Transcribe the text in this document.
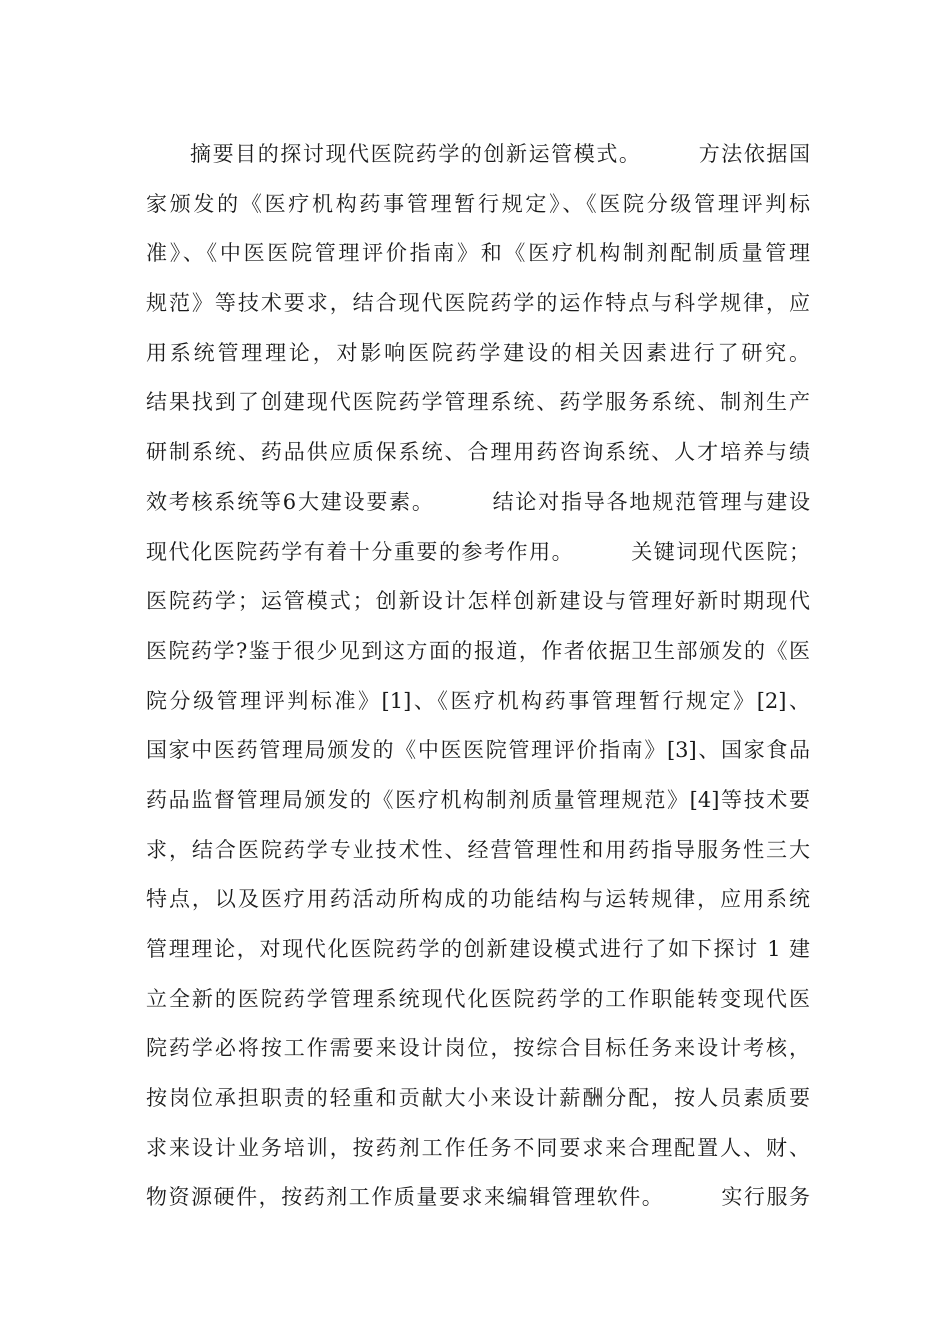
摘要目的探讨现代医院药学的创新运管模式。　　　方法依据国
家颁发的《医疗机构药事管理暂行规定》、《医院分级管理评判标
准》、《中医医院管理评价指南》和《医疗机构制剂配制质量管理
规范》等技术要求，结合现代医院药学的运作特点与科学规律，应
用系统管理理论，对影响医院药学建设的相关因素进行了研究。
结果找到了创建现代医院药学管理系统、药学服务系统、制剂生产
研制系统、药品供应质保系统、合理用药咨询系统、人才培养与绩
效考核系统等6大建设要素。　　　结论对指导各地规范管理与建设
现代化医院药学有着十分重要的参考作用。　　　关键词现代医院；
医院药学；运管模式；创新设计怎样创新建设与管理好新时期现代
医院药学?鉴于很少见到这方面的报道，作者依据卫生部颁发的《医
院分级管理评判标准》[1]、《医疗机构药事管理暂行规定》[2]、
国家中医药管理局颁发的《中医医院管理评价指南》[3]、国家食品
药品监督管理局颁发的《医疗机构制剂质量管理规范》[4]等技术要
求，结合医院药学专业技术性、经营管理性和用药指导服务性三大
特点，以及医疗用药活动所构成的功能结构与运转规律，应用系统
管理理论，对现代化医院药学的创新建设模式进行了如下探讨 1 建
立全新的医院药学管理系统现代化医院药学的工作职能转变现代医
院药学必将按工作需要来设计岗位，按综合目标任务来设计考核，
按岗位承担职责的轻重和贡献大小来设计薪酬分配，按人员素质要
求来设计业务培训，按药剂工作任务不同要求来合理配置人、财、
物资源硬件，按药剂工作质量要求来编辑管理软件。　　　实行服务
